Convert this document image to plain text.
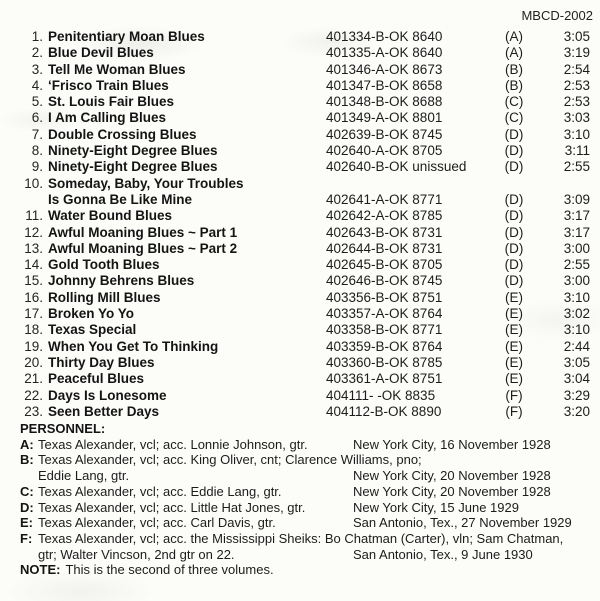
MBCD-2002
1. Penitentiary Moan Blues	401334-B-OK 8640	(A)	3:05
2. Blue Devil Blues	401335-A-OK 8640	(A)	3:19
3. Tell Me Woman Blues	401346-A-OK 8673	(B)	2:54
4. ‘Frisco Train Blues	401347-B-OK 8658	(B)	2:53
5. St. Louis Fair Blues	401348-B-OK 8688	(C)	2:53
6. I Am Calling Blues	401349-A-OK 8801	(C)	3:03
7. Double Crossing Blues	402639-B-OK 8745	(D)	3:10
8. Ninety-Eight Degree Blues	402640-A-OK 8705	(D)	3:11
9. Ninety-Eight Degree Blues	402640-B-OK unissued	(D)	2:55
10. Someday, Baby, Your Troubles
Is Gonna Be Like Mine	402641-A-OK 8771	(D)	3:09
11. Water Bound Blues	402642-A-OK 8785	(D)	3:17
12. Awful Moaning Blues ~ Part 1	402643-B-OK 8731	(D)	3:17
13. Awful Moaning Blues ~ Part 2	402644-B-OK 8731	(D)	3:00
14. Gold Tooth Blues	402645-B-OK 8705	(D)	2:55
15. Johnny Behrens Blues	402646-B-OK 8745	(D)	3:00
16. Rolling Mill Blues	403356-B-OK 8751	(E)	3:10
17. Broken Yo Yo	403357-A-OK 8764	(E)	3:02
18. Texas Special	403358-B-OK 8771	(E)	3:10
19. When You Get To Thinking	403359-B-OK 8764	(E)	2:44
20. Thirty Day Blues	403360-B-OK 8785	(E)	3:05
21. Peaceful Blues	403361-A-OK 8751	(E)	3:04
22. Days Is Lonesome	404111- -OK 8835	(F)	3:29
23. Seen Better Days	404112-B-OK 8890	(F)	3:20
PERSONNEL:
A: Texas Alexander, vcl; acc. Lonnie Johnson, gtr.	New York City, 16 November 1928
B: Texas Alexander, vcl; acc. King Oliver, cnt; Clarence Williams, pno;
Eddie Lang, gtr.	New York City, 20 November 1928
C: Texas Alexander, vcl; acc. Eddie Lang, gtr.	New York City, 20 November 1928
D: Texas Alexander, vcl; acc. Little Hat Jones, gtr.	New York City, 15 June 1929
E: Texas Alexander, vcl; acc. Carl Davis, gtr.	San Antonio, Tex., 27 November 1929
F: Texas Alexander, vcl; acc. the Mississippi Sheiks: Bo Chatman (Carter), vln; Sam Chatman,
gtr; Walter Vincson, 2nd gtr on 22.	San Antonio, Tex., 9 June 1930
NOTE: This is the second of three volumes.
